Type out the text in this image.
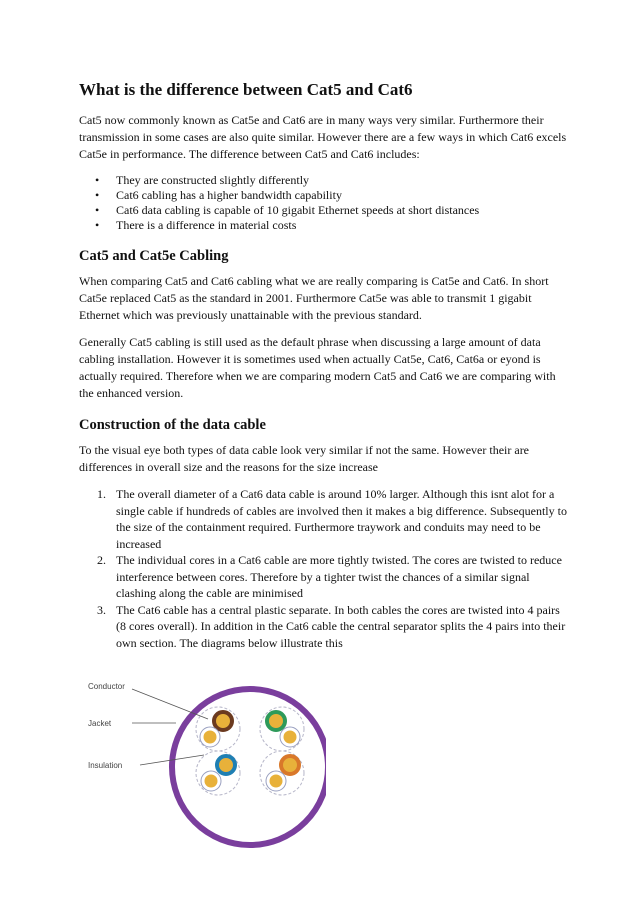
What is the difference between Cat5 and Cat6

Cat5 now commonly known as Cat5e and Cat6 are in many ways very similar. Furthermore their transmission in some cases are also quite similar. However there are a few ways in which Cat6 excels Cat5e in performance. The difference between Cat5 and Cat6 includes:

• They are constructed slightly differently
• Cat6 cabling has a higher bandwidth capability
• Cat6 data cabling is capable of 10 gigabit Ethernet speeds at short distances
• There is a difference in material costs
Cat5 and Cat5e Cabling

When comparing Cat5 and Cat6 cabling what we are really comparing is Cat5e and Cat6. In short Cat5e replaced Cat5 as the standard in 2001. Furthermore Cat5e was able to transmit 1 gigabit Ethernet which was previously unattainable with the previous standard.

Generally Cat5 cabling is still used as the default phrase when discussing a large amount of data cabling installation. However it is sometimes used when actually Cat5e, Cat6, Cat6a or eyond is actually required. Therefore when we are comparing modern Cat5 and Cat6 we are comparing with the enhanced version.

Construction of the data cable

To the visual eye both types of data cable look very similar if not the same. However their are differences in overall size and the reasons for the size increase

1. The overall diameter of a Cat6 data cable is around 10% larger. Although this isnt alot for a single cable if hundreds of cables are involved then it makes a big difference. Subsequently to the size of the containment required. Furthermore traywork and conduits may need to be increased
2. The individual cores in a Cat6 cable are more tightly twisted. The cores are twisted to reduce interference between cores. Therefore by a tighter twist the chances of a similar signal clashing along the cable are minimised
3. The Cat6 cable has a central plastic separate. In both cables the cores are twisted into 4 pairs (8 cores overall). In addition in the Cat6 cable the central separator splits the 4 pairs into their own section. The diagrams below illustrate this
Conductor
Jacket
Insulation
